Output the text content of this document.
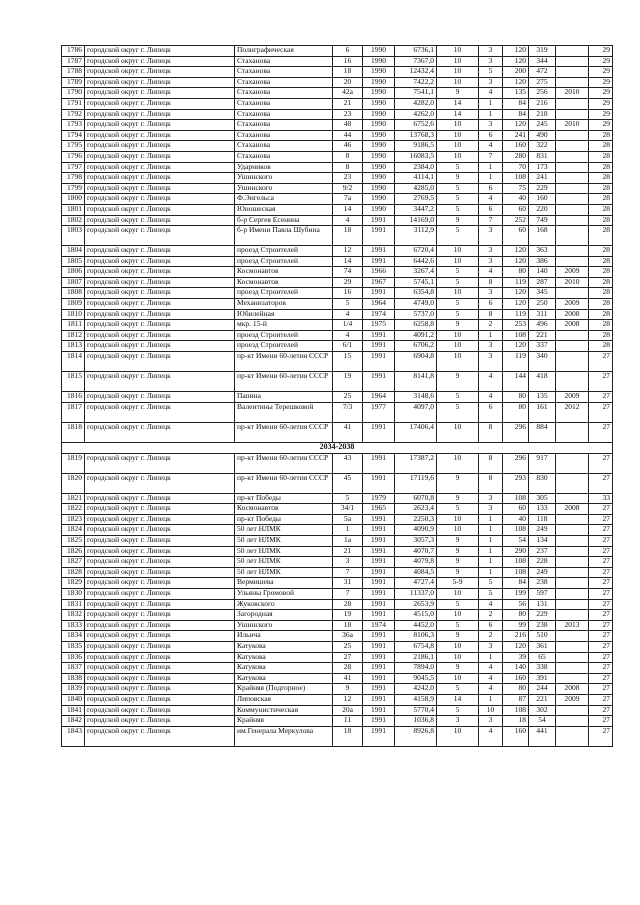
1786	городской округ г. Липецк	Полиграфическая	6	1990	6736,1	10	3	120	319		29
1787	городской округ г. Липецк	Стаханова	16	1990	7367,0	10	3	120	344		29
1788	городской округ г. Липецк	Стаханова	18	1990	12432,4	10	5	200	472		29
1789	городской округ г. Липецк	Стаханова	20	1990	7422,2	10	3	120	275		29
1790	городской округ г. Липецк	Стаханова	42а	1990	7541,1	9	4	135	256	2010	29
1791	городской округ г. Липецк	Стаханова	21	1990	4282,0	14	1	84	216		29
1792	городской округ г. Липецк	Стаханова	23	1990	4262,0	14	1	84	218		29
1793	городской округ г. Липецк	Стаханова	48	1990	6752,6	10	3	120	245	2010	29
1794	городской округ г. Липецк	Стаханова	44	1990	13768,3	10	6	241	490		28
1795	городской округ г. Липецк	Стаханова	46	1990	9186,5	10	4	160	322		28
1796	городской округ г. Липецк	Стаханова	8	1990	16083,5	10	7	280	831		28
1797	городской округ г. Липецк	Ударников	8	1990	2384,0	5	1	70	173		28
1798	городской округ г. Липецк	Ушинского	23	1990	4114,1	9	1	108	241		28
1799	городской округ г. Липецк	Ушинского	9/2	1990	4285,0	5	6	75	229		28
1800	городской округ г. Липецк	Ф.Энгельса	7а	1990	2769,5	5	4	40	160		28
1801	городской округ г. Липецк	Юношеская	14	1990	3447,2	5	6	60	220		28
1802	городской округ г. Липецк	б-р Сергея Есенина	4	1991	14169,0	9	7	252	749		28
1803	городской округ г. Липецк	б-р Имени Павла Шубина	18	1991	3112,9	5	3	60	168		28
1804	городской округ г. Липецк	проезд Строителей	12	1991	6720,4	10	3	120	363		28
1805	городской округ г. Липецк	проезд Строителей	14	1991	6442,6	10	3	120	386		28
1806	городской округ г. Липецк	Космонавтов	74	1966	3267,4	5	4	80	140	2009	28
1807	городской округ г. Липецк	Космонавтов	29	1967	5745,1	5	8	119	287	2010	28
1808	городской округ г. Липецк	проезд Строителей	16	1991	6354,8	10	3	120	345		28
1809	городской округ г. Липецк	Механизаторов	5	1964	4749,0	5	6	120	250	2009	28
1810	городской округ г. Липецк	Юбилейная	4	1974	5737,0	5	8	119	311	2008	28
1811	городской округ г. Липецк	мкр. 15-й	1/4	1975	6258,8	9	2	253	496	2008	28
1812	городской округ г. Липецк	проезд Строителей	4	1991	4091,2	10	1	108	221		28
1813	городской округ г. Липецк	проезд Строителей	6/1	1991	6706,2	10	3	120	337		28
1814	городской округ г. Липецк	пр-кт Имени 60-летия СССР	15	1991	6904,8	10	3	119	340		27
1815	городской округ г. Липецк	пр-кт Имени 60-летия СССР	19	1991	8141,8	9	4	144	418		27
1816	городской округ г. Липецк	Папина	25	1964	3148,6	5	4	80	135	2009	27
1817	городской округ г. Липецк	Валентины Терешковой	7/3	1977	4097,0	5	6	80	161	2012	27
1818	городской округ г. Липецк	пр-кт Имени 60-летия СССР	41	1991	17406,4	10	8	296	884		27
2034-2038											
1819	городской округ г. Липецк	пр-кт Имени 60-летия СССР	43	1991	17387,2	10	8	296	917		27
1820	городской округ г. Липецк	пр-кт Имени 60-летия СССР	45	1991	17119,6	9	8	293	830		27
1821	городской округ г. Липецк	пр-кт Победы	5	1979	6070,8	9	3	108	305		33
1822	городской округ г. Липецк	Космонавтов	34/1	1965	2623,4	5	3	60	133	2008	27
1823	городской округ г. Липецк	пр-кт Победы	5а	1991	2250,3	10	1	40	118		27
1824	городской округ г. Липецк	50 лет НЛМК	1	1991	4090,9	10	1	108	249		27
1825	городской округ г. Липецк	50 лет НЛМК	1а	1991	3057,3	9	1	54	134		27
1826	городской округ г. Липецк	50 лет НЛМК	21	1991	4070,7	9	1	290	237		27
1827	городской округ г. Липецк	50 лет НЛМК	3	1991	4079,8	9	1	108	228		27
1828	городской округ г. Липецк	50 лет НЛМК	7	1991	4084,5	9	1	108	249		27
1829	городской округ г. Липецк	Вермишева	31	1991	4727,4	5-9	5	84	238		27
1830	городской округ г. Липецк	Ульяны Громовой	7	1991	11337,0	10	5	199	597		27
1831	городской округ г. Липецк	Жуковского	28	1991	2653,9	5	4	56	131		27
1832	городской округ г. Липецк	Загородная	19	1991	4515,0	10	2	80	229		27
1833	городской округ г. Липецк	Ушинского	18	1974	4452,0	5	6	99	238	2013	27
1834	городской округ г. Липецк	Ильича	36а	1991	8106,3	9	2	216	510		27
1835	городской округ г. Липецк	Катукова	25	1991	6754,8	10	3	120	361		27
1836	городской округ г. Липецк	Катукова	27	1991	2186,1	10	1	39	65		27
1837	городской округ г. Липецк	Катукова	28	1991	7894,0	9	4	140	338		27
1838	городской округ г. Липецк	Катукова	41	1991	9045,5	10	4	160	391		27
1839	городской округ г. Липецк	Крайняя (Подгорное)	9	1991	4242,0	5	4	80	244	2008	27
1840	городской округ г. Липецк	Липовская	12	1991	4158,9	14	1	87	221	2009	27
1841	городской округ г. Липецк	Коммунистическая	20а	1991	5770,4	5	10	108	302		27
1842	городской округ г. Липецк	Крайняя	11	1991	1036,8	3	3	18	54		27
1843	городской округ г. Липецк	им.Генерала Меркулова	18	1991	8926,8	10	4	160	441		27
